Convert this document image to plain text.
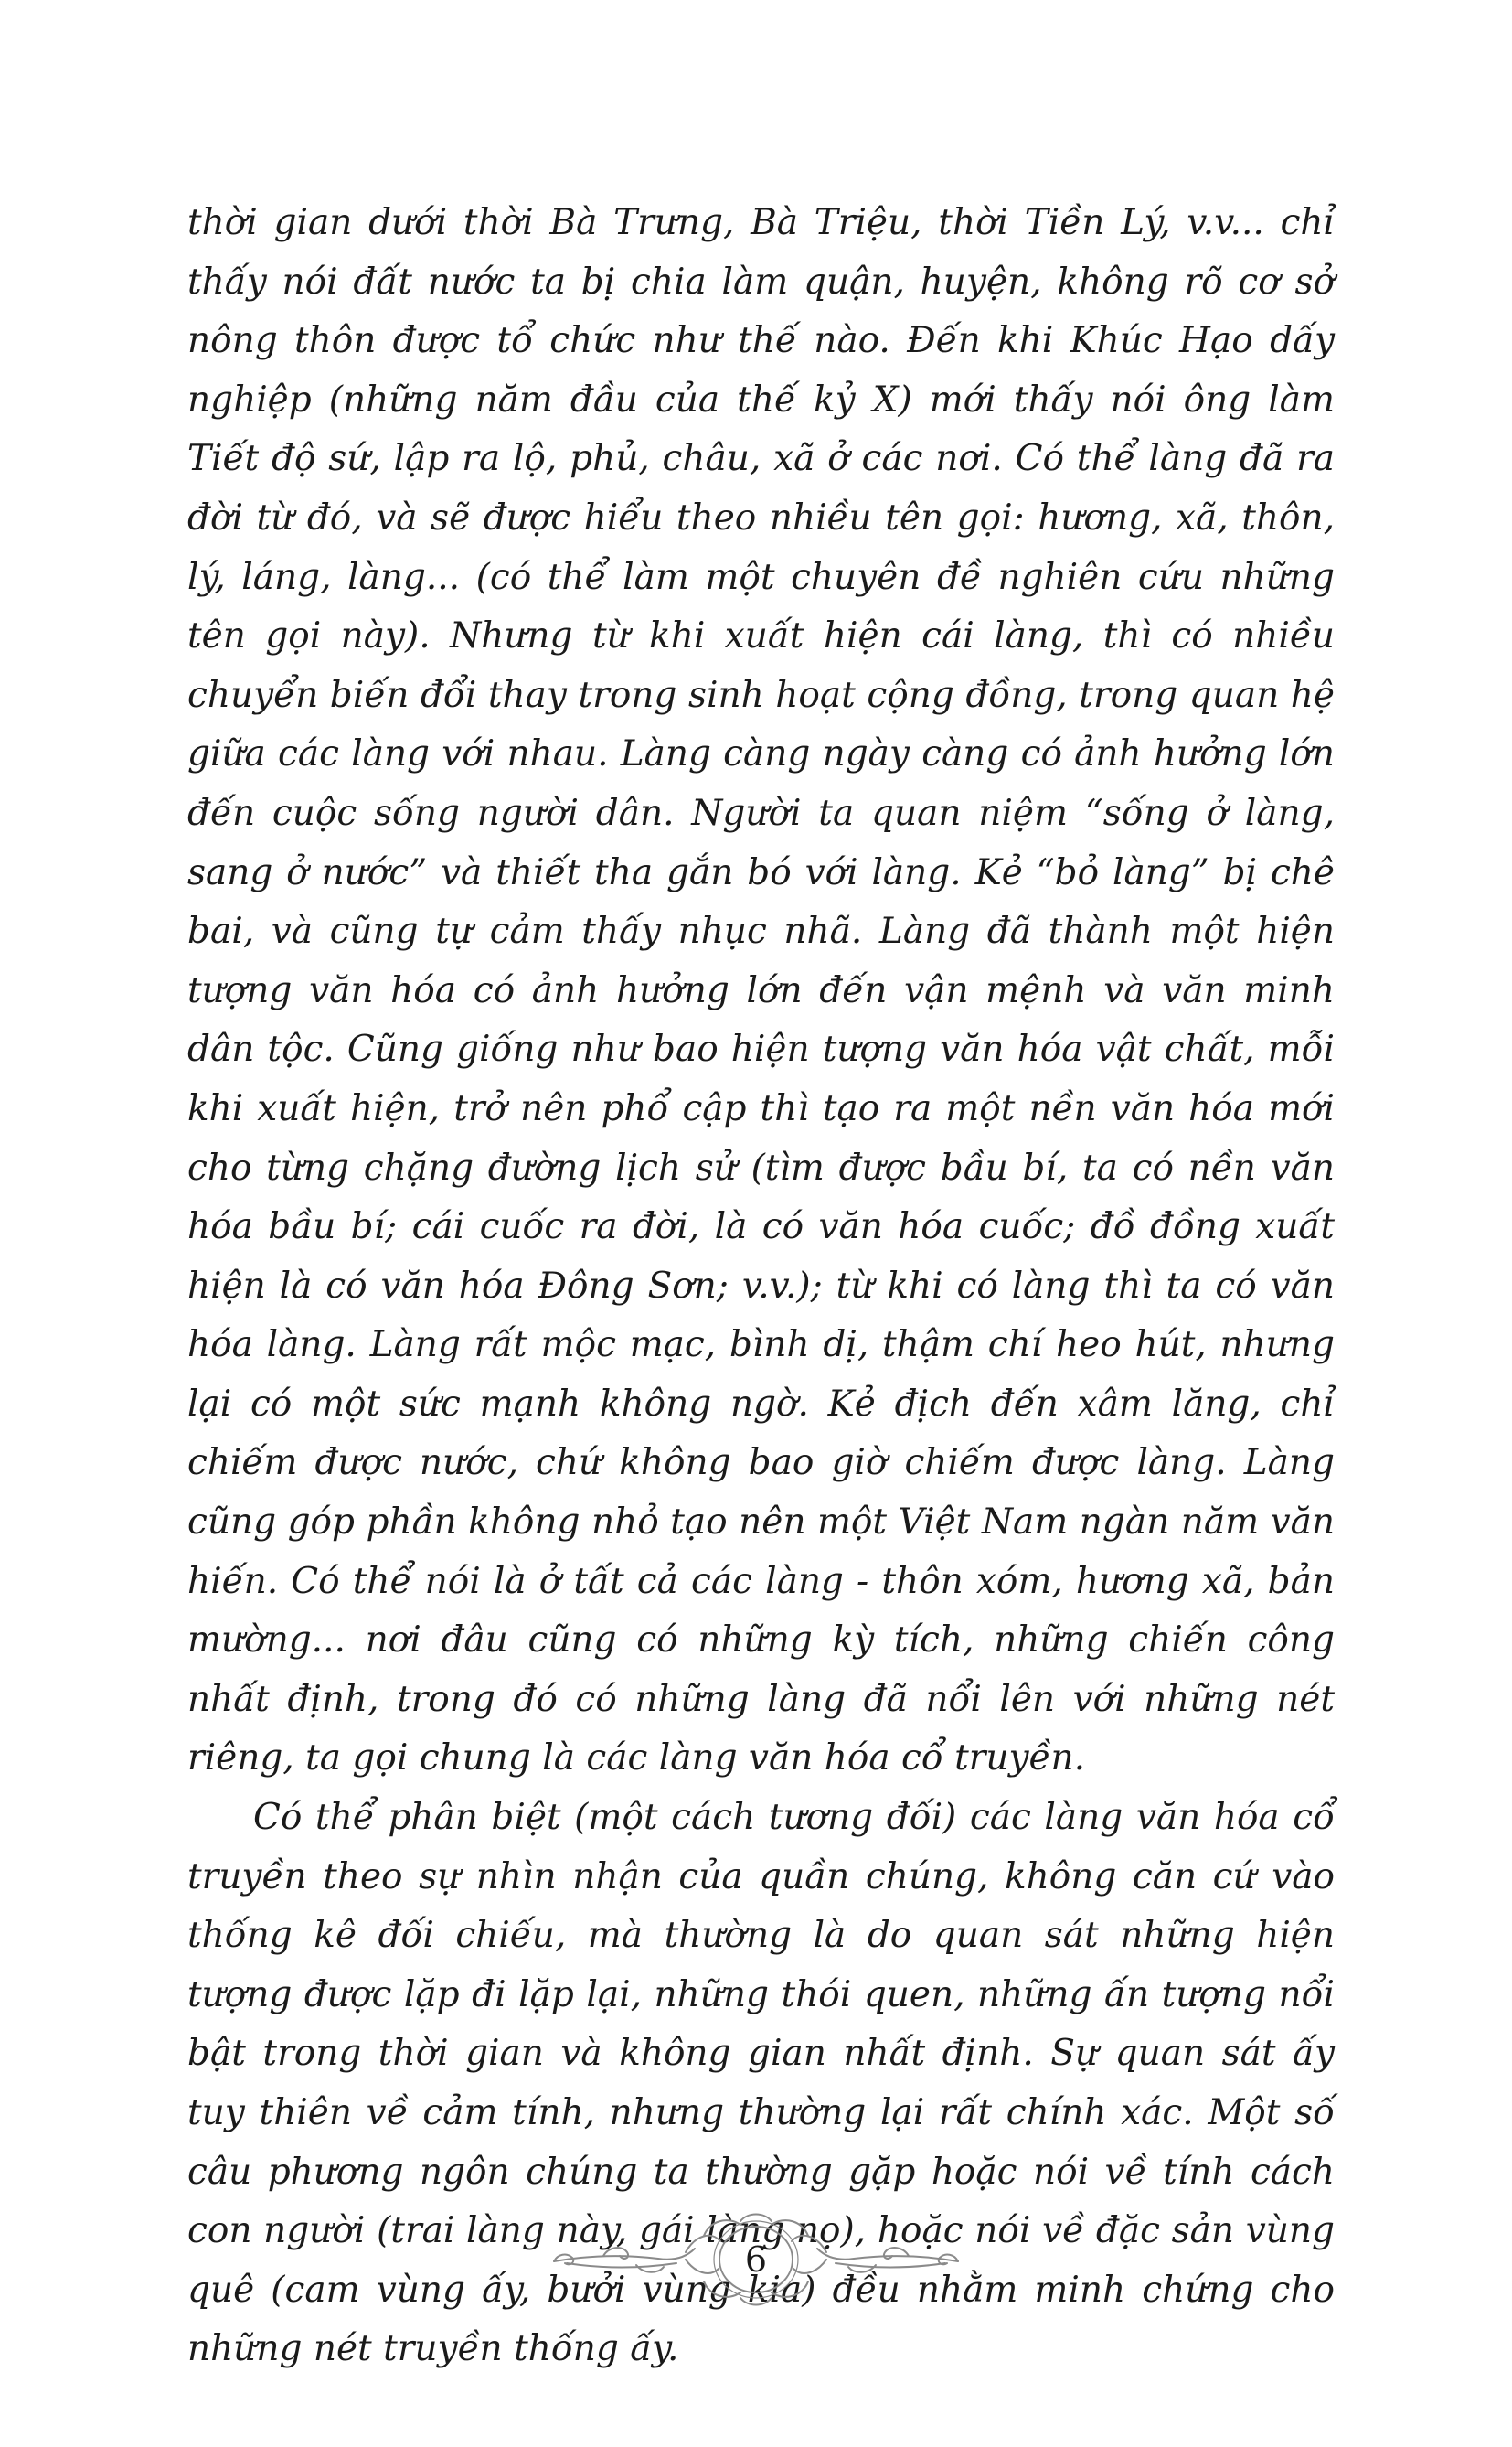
thời gian dưới thời Bà Trưng, Bà Triệu, thời Tiền Lý, v.v... chỉ thấy nói đất nước ta bị chia làm quận, huyện, không rõ cơ sở nông thôn được tổ chức như thế nào. Đến khi Khúc Hạo dấy nghiệp (những năm đầu của thế kỷ X) mới thấy nói ông làm Tiết độ sứ, lập ra lộ, phủ, châu, xã ở các nơi. Có thể làng đã ra đời từ đó, và sẽ được hiểu theo nhiều tên gọi: hương, xã, thôn, lý, láng, làng... (có thể làm một chuyên đề nghiên cứu những tên gọi này). Nhưng từ khi xuất hiện cái làng, thì có nhiều chuyển biến đổi thay trong sinh hoạt cộng đồng, trong quan hệ giữa các làng với nhau. Làng càng ngày càng có ảnh hưởng lớn đến cuộc sống người dân. Người ta quan niệm “sống ở làng, sang ở nước” và thiết tha gắn bó với làng. Kẻ “bỏ làng” bị chê bai, và cũng tự cảm thấy nhục nhã. Làng đã thành một hiện tượng văn hóa có ảnh hưởng lớn đến vận mệnh và văn minh dân tộc. Cũng giống như bao hiện tượng văn hóa vật chất, mỗi khi xuất hiện, trở nên phổ cập thì tạo ra một nền văn hóa mới cho từng chặng đường lịch sử (tìm được bầu bí, ta có nền văn hóa bầu bí; cái cuốc ra đời, là có văn hóa cuốc; đồ đồng xuất hiện là có văn hóa Đông Sơn; v.v.); từ khi có làng thì ta có văn hóa làng. Làng rất mộc mạc, bình dị, thậm chí heo hút, nhưng lại có một sức mạnh không ngờ. Kẻ địch đến xâm lăng, chỉ chiếm được nước, chứ không bao giờ chiếm được làng. Làng cũng góp phần không nhỏ tạo nên một Việt Nam ngàn năm văn hiến. Có thể nói là ở tất cả các làng - thôn xóm, hương xã, bản mường... nơi đâu cũng có những kỳ tích, những chiến công nhất định, trong đó có những làng đã nổi lên với những nét riêng, ta gọi chung là các làng văn hóa cổ truyền.

Có thể phân biệt (một cách tương đối) các làng văn hóa cổ truyền theo sự nhìn nhận của quần chúng, không căn cứ vào thống kê đối chiếu, mà thường là do quan sát những hiện tượng được lặp đi lặp lại, những thói quen, những ấn tượng nổi bật trong thời gian và không gian nhất định. Sự quan sát ấy tuy thiên về cảm tính, nhưng thường lại rất chính xác. Một số câu phương ngôn chúng ta thường gặp hoặc nói về tính cách con người (trai làng này, gái làng nọ), hoặc nói về đặc sản vùng quê (cam vùng ấy, bưởi vùng kia) đều nhằm minh chứng cho những nét truyền thống ấy.

6
